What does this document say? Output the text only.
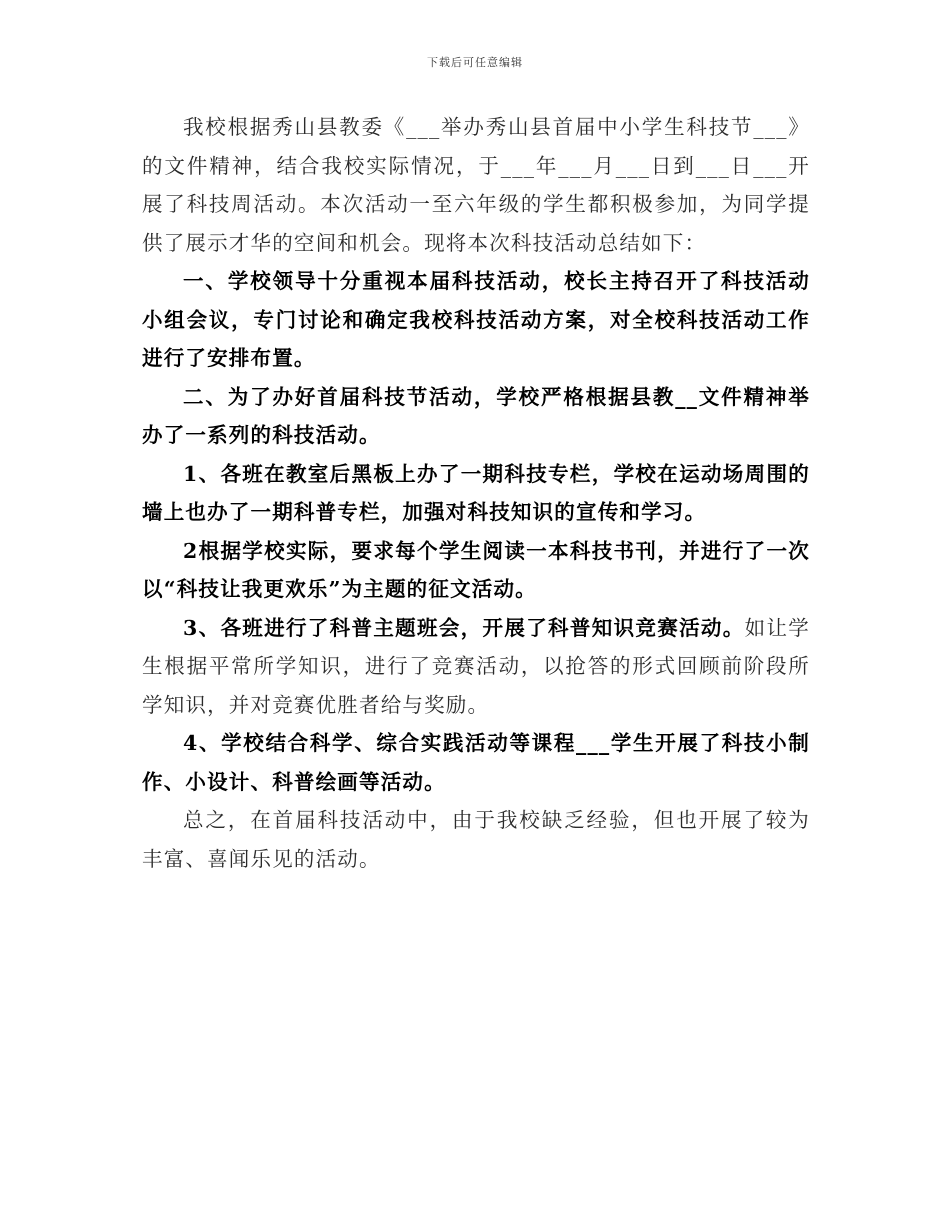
下载后可任意编辑

我校根据秀山县教委《___举办秀山县首届中小学生科技节___》的文件精神，结合我校实际情况，于___年___月___日到___日___开展了科技周活动。本次活动一至六年级的学生都积极参加，为同学提供了展示才华的空间和机会。现将本次科技活动总结如下：

一、学校领导十分重视本届科技活动，校长主持召开了科技活动小组会议，专门讨论和确定我校科技活动方案，对全校科技活动工作进行了安排布置。

二、为了办好首届科技节活动，学校严格根据县教__文件精神举办了一系列的科技活动。

1、各班在教室后黑板上办了一期科技专栏，学校在运动场周围的墙上也办了一期科普专栏，加强对科技知识的宣传和学习。

2根据学校实际，要求每个学生阅读一本科技书刊，并进行了一次以“科技让我更欢乐”为主题的征文活动。

3、各班进行了科普主题班会，开展了科普知识竞赛活动。如让学生根据平常所学知识，进行了竞赛活动，以抢答的形式回顾前阶段所学知识，并对竞赛优胜者给与奖励。

4、学校结合科学、综合实践活动等课程___学生开展了科技小制作、小设计、科普绘画等活动。

总之，在首届科技活动中，由于我校缺乏经验，但也开展了较为丰富、喜闻乐见的活动。
